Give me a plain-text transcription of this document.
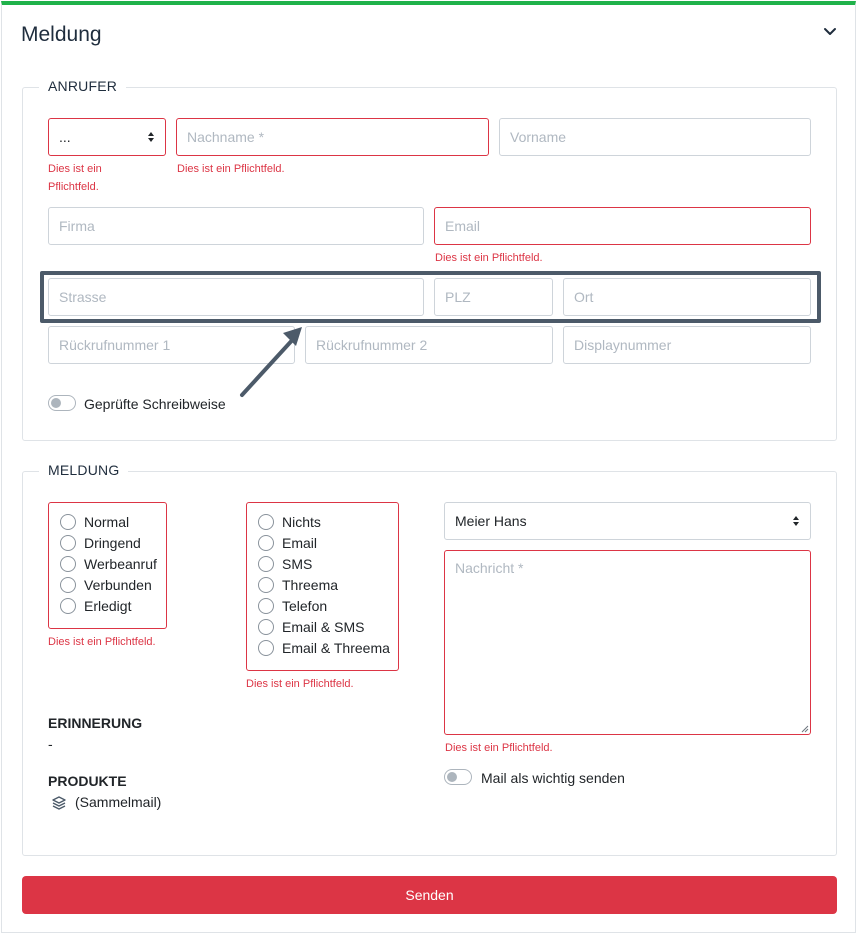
Meldung
ANRUFER
...
Dies ist ein
Pflichtfeld.
Nachname *
Dies ist ein Pflichtfeld.
Vorname
Firma	Email
Dies ist ein Pflichtfeld.
Strasse	PLZ	Ort
Rückrufnummer 1	Rückrufnummer 2	Displaynummer
Geprüfte Schreibweise
MELDUNG
Normal
Dringend
Werbeanruf
Verbunden
Erledigt
Dies ist ein Pflichtfeld.
Nichts
Email
SMS
Threema
Telefon
Email & SMS
Email & Threema
Dies ist ein Pflichtfeld.
Meier Hans
Nachricht *
Dies ist ein Pflichtfeld.
Mail als wichtig senden
ERINNERUNG
-
PRODUKTE
(Sammelmail)
Senden
